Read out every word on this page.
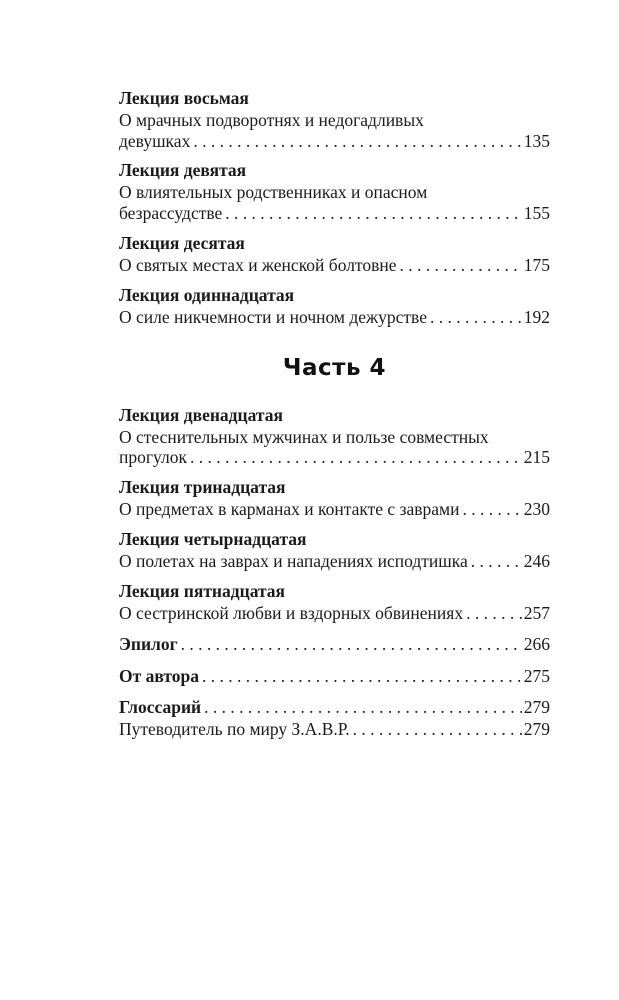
Лекция восьмая
О мрачных подворотнях и недогадливых
девушках . . .	135
Лекция девятая
О влиятельных родственниках и опасном
безрассудстве . . .	155
Лекция десятая
О святых местах и женской болтовне . . .	175
Лекция одиннадцатая
О силе никчемности и ночном дежурстве . . .	192
Часть 4
Лекция двенадцатая
О стеснительных мужчинах и пользе совместных
прогулок . . .	215
Лекция тринадцатая
О предметах в карманах и контакте с заврами . . .	230
Лекция четырнадцатая
О полетах на заврах и нападениях исподтишка . . .	246
Лекция пятнадцатая
О сестринской любви и вздорных обвинениях . . .	257
Эпилог . . .	266
От автора . . .	275
Глоссарий . . .	279
Путеводитель по миру З.А.В.Р. . . .	279
